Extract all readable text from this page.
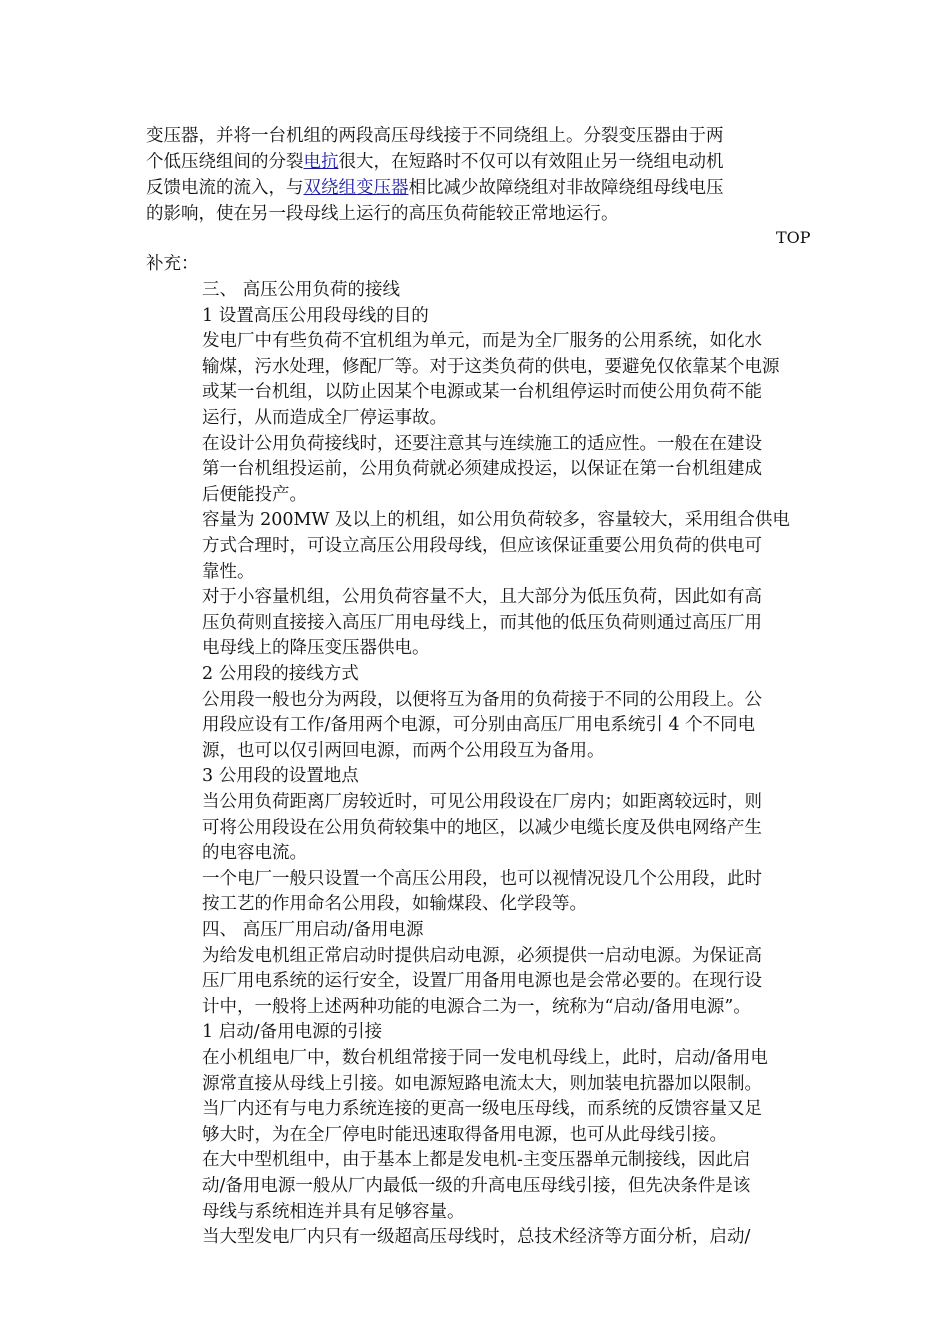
变压器，并将一台机组的两段高压母线接于不同绕组上。分裂变压器由于两
个低压绕组间的分裂电抗很大，在短路时不仅可以有效阻止另一绕组电动机
反馈电流的流入，与双绕组变压器相比减少故障绕组对非故障绕组母线电压
的影响，使在另一段母线上运行的高压负荷能较正常地运行。
TOP
补充：
三、 高压公用负荷的接线
1 设置高压公用段母线的目的
发电厂中有些负荷不宜机组为单元，而是为全厂服务的公用系统，如化水
输煤，污水处理，修配厂等。对于这类负荷的供电，要避免仅依靠某个电源
或某一台机组，以防止因某个电源或某一台机组停运时而使公用负荷不能
运行，从而造成全厂停运事故。
在设计公用负荷接线时，还要注意其与连续施工的适应性。一般在在建设
第一台机组投运前，公用负荷就必须建成投运，以保证在第一台机组建成
后便能投产。
容量为 200MW 及以上的机组，如公用负荷较多，容量较大，采用组合供电
方式合理时，可设立高压公用段母线，但应该保证重要公用负荷的供电可
靠性。
对于小容量机组，公用负荷容量不大，且大部分为低压负荷，因此如有高
压负荷则直接接入高压厂用电母线上，而其他的低压负荷则通过高压厂用
电母线上的降压变压器供电。
2 公用段的接线方式
公用段一般也分为两段，以便将互为备用的负荷接于不同的公用段上。公
用段应设有工作/备用两个电源，可分别由高压厂用电系统引 4 个不同电
源，也可以仅引两回电源，而两个公用段互为备用。
3 公用段的设置地点
当公用负荷距离厂房较近时，可见公用段设在厂房内；如距离较远时，则
可将公用段设在公用负荷较集中的地区，以减少电缆长度及供电网络产生
的电容电流。
一个电厂一般只设置一个高压公用段，也可以视情况设几个公用段，此时
按工艺的作用命名公用段，如输煤段、化学段等。
四、 高压厂用启动/备用电源
为给发电机组正常启动时提供启动电源，必须提供一启动电源。为保证高
压厂用电系统的运行安全，设置厂用备用电源也是会常必要的。在现行设
计中，一般将上述两种功能的电源合二为一，统称为“启动/备用电源”。
1 启动/备用电源的引接
在小机组电厂中，数台机组常接于同一发电机母线上，此时，启动/备用电
源常直接从母线上引接。如电源短路电流太大，则加装电抗器加以限制。
当厂内还有与电力系统连接的更高一级电压母线，而系统的反馈容量又足
够大时，为在全厂停电时能迅速取得备用电源，也可从此母线引接。
在大中型机组中，由于基本上都是发电机-主变压器单元制接线，因此启
动/备用电源一般从厂内最低一级的升高电压母线引接，但先决条件是该
母线与系统相连并具有足够容量。
当大型发电厂内只有一级超高压母线时，总技术经济等方面分析，启动/
